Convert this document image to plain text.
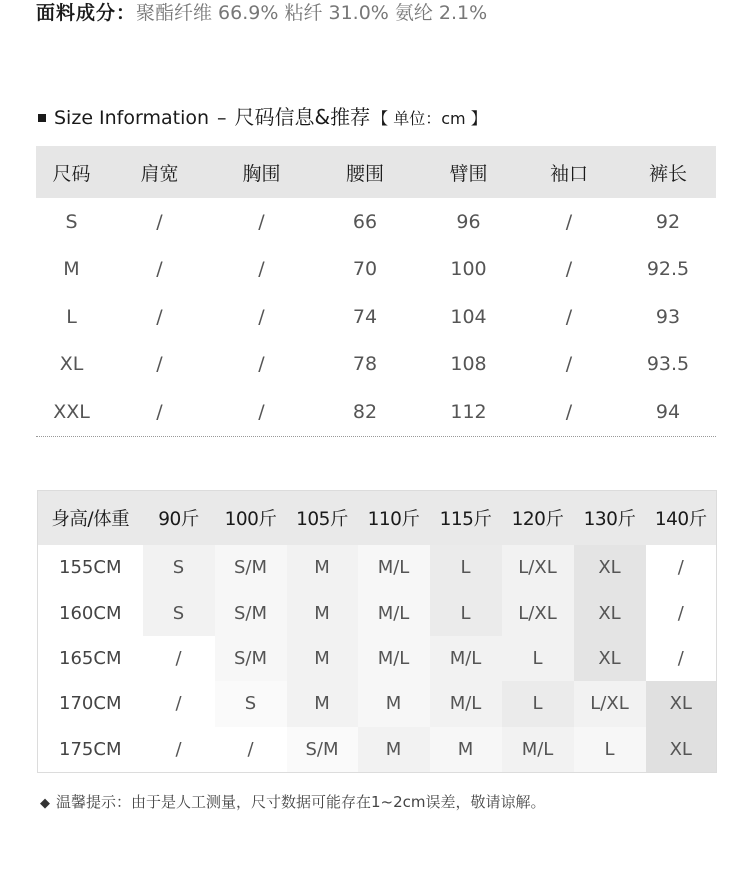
面料成分：聚酯纤维 66.9% 粘纤 31.0% 氨纶 2.1%
Size Information – 尺码信息&推荐 【 单位：cm 】
尺码	肩宽	胸围	腰围	臂围	袖口	裤长
S	/	/	66	96	/	92
M	/	/	70	100	/	92.5
L	/	/	74	104	/	93
XL	/	/	78	108	/	93.5
XXL	/	/	82	112	/	94
身高/体重	90斤	100斤	105斤	110斤	115斤	120斤	130斤	140斤
155CM	S	S/M	M	M/L	L	L/XL	XL	/
160CM	S	S/M	M	M/L	L	L/XL	XL	/
165CM	/	S/M	M	M/L	M/L	L	XL	/
170CM	/	S	M	M	M/L	L	L/XL	XL
175CM	/	/	S/M	M	M	M/L	L	XL
◆ 温馨提示：由于是人工测量，尺寸数据可能存在1~2cm误差，敬请谅解。
